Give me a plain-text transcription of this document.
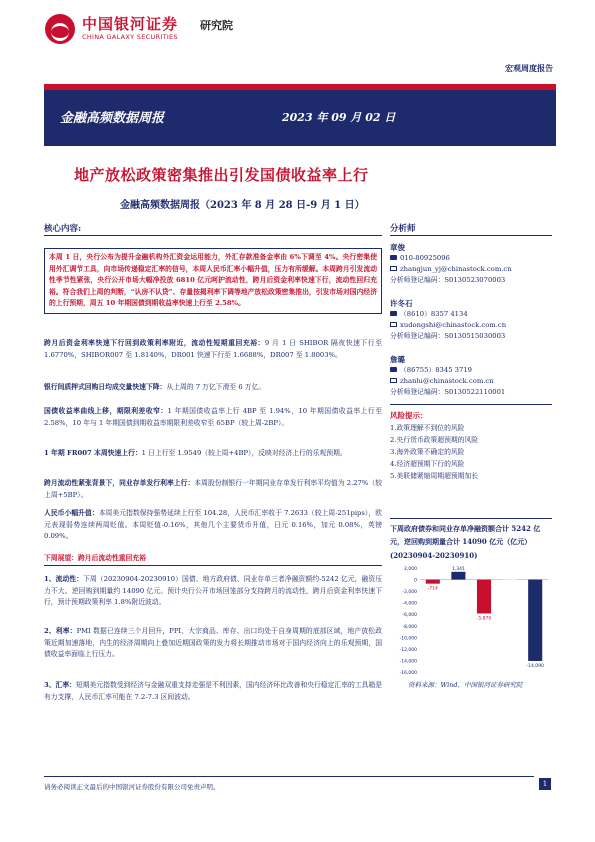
中国银河证券 研究院
CHINA GALAXY SECURITIES
宏观周度报告
金融高频数据周报	2023 年 09 月 02 日
地产放松政策密集推出引发国债收益率上行
金融高频数据周报（2023 年 8 月 28 日-9 月 1 日）
核心内容:
本周 1 日，央行公布为提升金融机构外汇资金运用能力，外汇存款准备金率由 6%下调至 4%。央行密集使用外汇调节工具，向市场传递稳定汇率的信号，本周人民币汇率小幅升值，压力有所缓解。本周跨月引发流动性季节性紧张，央行公开市场大幅净投放 6810 亿元呵护流动性，跨月后资金利率快速下行，流动性回归充裕。符合我们上周的判断，“认房不认贷”、存量按揭利率下调等地产放松政策密集推出，引发市场对国内经济的上行预期，周五 10 年期国债到期收益率快速上行至 2.58%。
跨月后资金利率快速下行回到政策利率附近，流动性短期重回充裕：9 月 1 日 SHIBOR 隔夜快速下行至 1.6770%，SHIBOR007 至 1.8140%，DR001 快速下行至 1.6688%，DR007 至 1.8003%。
银行间质押式回购日均成交量快速下降：从上周的 7 万亿下滑至 6 万亿。
国债收益率曲线上移，期限利差收窄：1 年期国债收益率上行 4BP 至 1.94%，10 年期国债收益率上行至 2.58%，10 年与 1 年期国债到期收益率期限利差收窄至 65BP（较上周-2BP）。
1 年期 FR007 本周快速上行：1 日上行至 1.9549（较上周+4BP），反映对经济上行的乐观预期。
跨月流动性紧张背景下，同业存单发行利率上行：本周股份制银行一年期同业存单发行利率平均值为 2.27%（较上周+5BP）。
人民币小幅升值：本周美元指数保持强势延续上行至 104.28，人民币汇率收于 7.2633（较上周-251pips），欧元表现弱势连续两周贬值。本周贬值-0.16%，其他几个主要货币升值，日元 0.16%，加元 0.08%，英镑 0.09%。
下周展望：跨月后流动性重回充裕
1、流动性：下周（20230904-20230910）国债、地方政府债、同业存单三者净融资额约-5242 亿元，融资压力不大。逆回购到期量约 14090 亿元。预计央行公开市场回笼部分支持跨月的流动性，跨月后资金利率快速下行，预计预期政策利率 1.8%附近波动。
2、利率：PMI 数据已连续三个月回升，PPI、大宗商品、库存、出口均处于自身周期的底部区域，地产放松政策近期加速落地，内生的经济周期向上叠加近期国政策的发力将长期推动市场对于国内经济向上的乐观预期，国债收益率面临上行压力。
3、汇率：短期美元指数受到经济与金融双重支持走强是不利因素，国内经济环比改善和央行稳定汇率的工具箱是有力支撑，人民币汇率可能在 7.2-7.3 区间波动。
分析师
章俊
010-80925096
zhangjun_yj@chinastock.com.cn
分析师登记编码：S0130523070003
许冬石
（8610）8357 4134
xudongshi@chinastock.com.cn
分析师登记编码：S0130515030003
詹璐
（86755）8345 3719
zhanlu@chinastock.com.cn
分析师登记编码：S0130522110001
风险提示：
1.政策理解不到位的风险
2.央行货币政策超预期的风险
3.海外政策不确定的风险
4.经济超预期下行的风险
5.美联储紧缩周期超预期加长
下周政府债券和同业存单净融资额合计 5242 亿元，逆回购到期量合计 14090 亿元（亿元）
(20230904-20230910)
2,000
0
-2,000
-4,000
-6,000
-8,000
-10,000
-12,000
-14,000
-16,000
-714
1,341
-5,870
-14,090
资料来源：Wind、中国银河证券研究院
请务必阅读正文最后的中国银河证券股份有限公司免责声明。	1
